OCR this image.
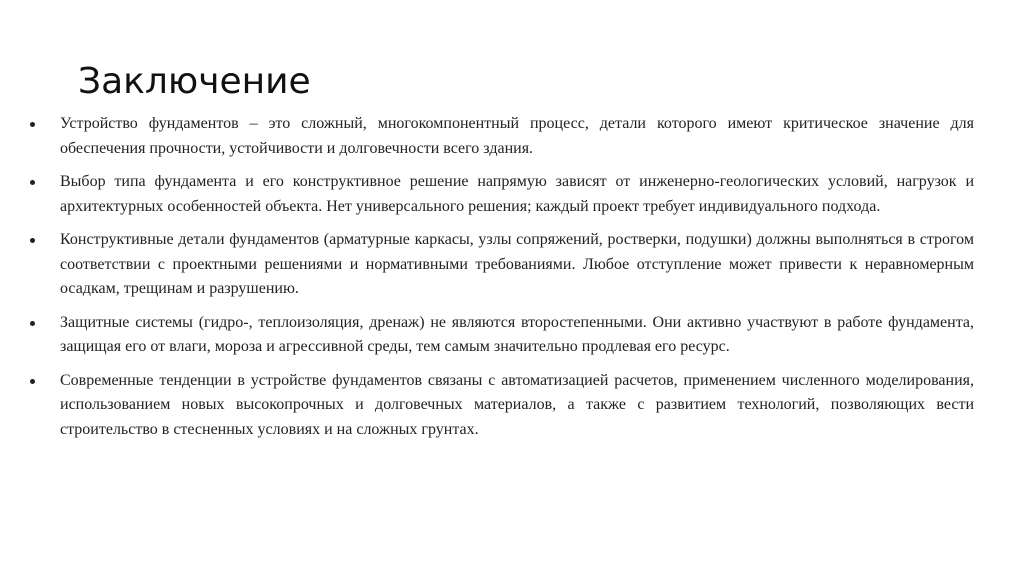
Заключение
Устройство фундаментов – это сложный, многокомпонентный процесс, детали которого имеют критическое значение для обеспечения прочности, устойчивости и долговечности всего здания.
Выбор типа фундамента и его конструктивное решение напрямую зависят от инженерно-геологических условий, нагрузок и архитектурных особенностей объекта. Нет универсального решения; каждый проект требует индивидуального подхода.
Конструктивные детали фундаментов (арматурные каркасы, узлы сопряжений, ростверки, подушки) должны выполняться в строгом соответствии с проектными решениями и нормативными требованиями. Любое отступление может привести к неравномерным осадкам, трещинам и разрушению.
Защитные системы (гидро-, теплоизоляция, дренаж) не являются второстепенными. Они активно участвуют в работе фундамента, защищая его от влаги, мороза и агрессивной среды, тем самым значительно продлевая его ресурс.
Современные тенденции в устройстве фундаментов связаны с автоматизацией расчетов, применением численного моделирования, использованием новых высокопрочных и долговечных материалов, а также с развитием технологий, позволяющих вести строительство в стесненных условиях и на сложных грунтах.
